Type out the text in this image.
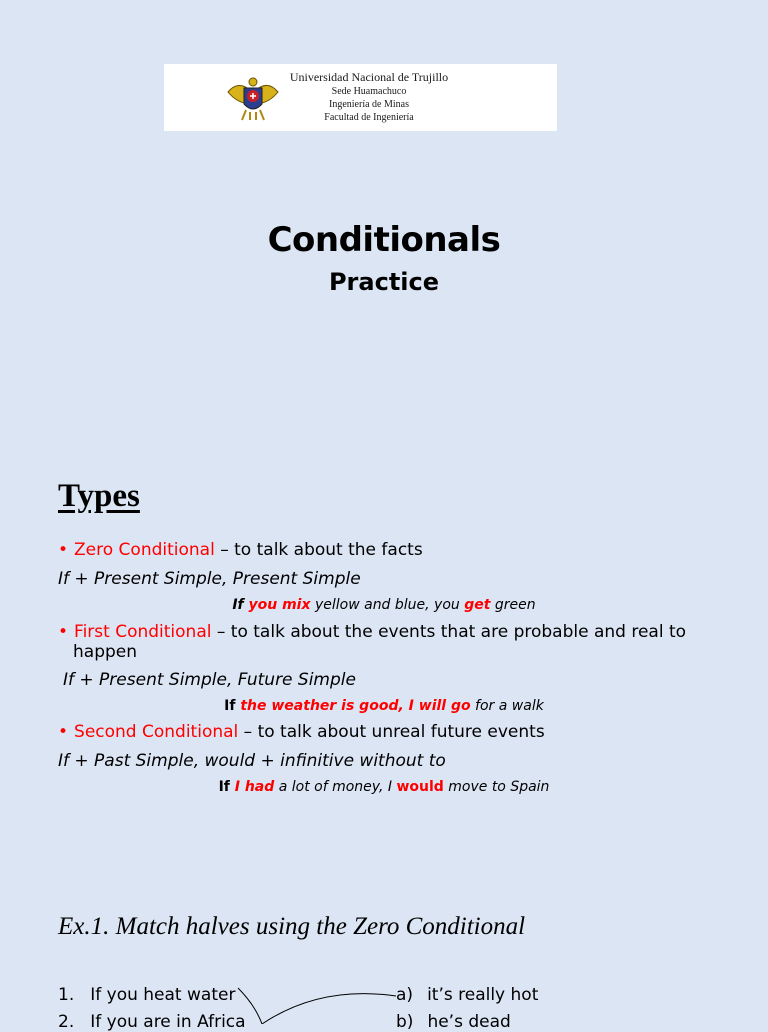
Universidad Nacional de Trujillo
Sede Huamachuco
Ingeniería de Minas
Facultad de Ingeniería
Conditionals
Practice
Types
• Zero Conditional – to talk about the facts
If + Present Simple, Present Simple
If you mix yellow and blue, you get green
• First Conditional – to talk about the events that are probable and real to
happen
If + Present Simple, Future Simple
If the weather is good, I will go for a walk
• Second Conditional – to talk about unreal future events
If + Past Simple, would + infinitive without to
If I had a lot of money, I would move to Spain
Ex.1. Match halves using the Zero Conditional
1. If you heat water
2. If you are in Africa
a) it’s really hot
b) he’s dead
